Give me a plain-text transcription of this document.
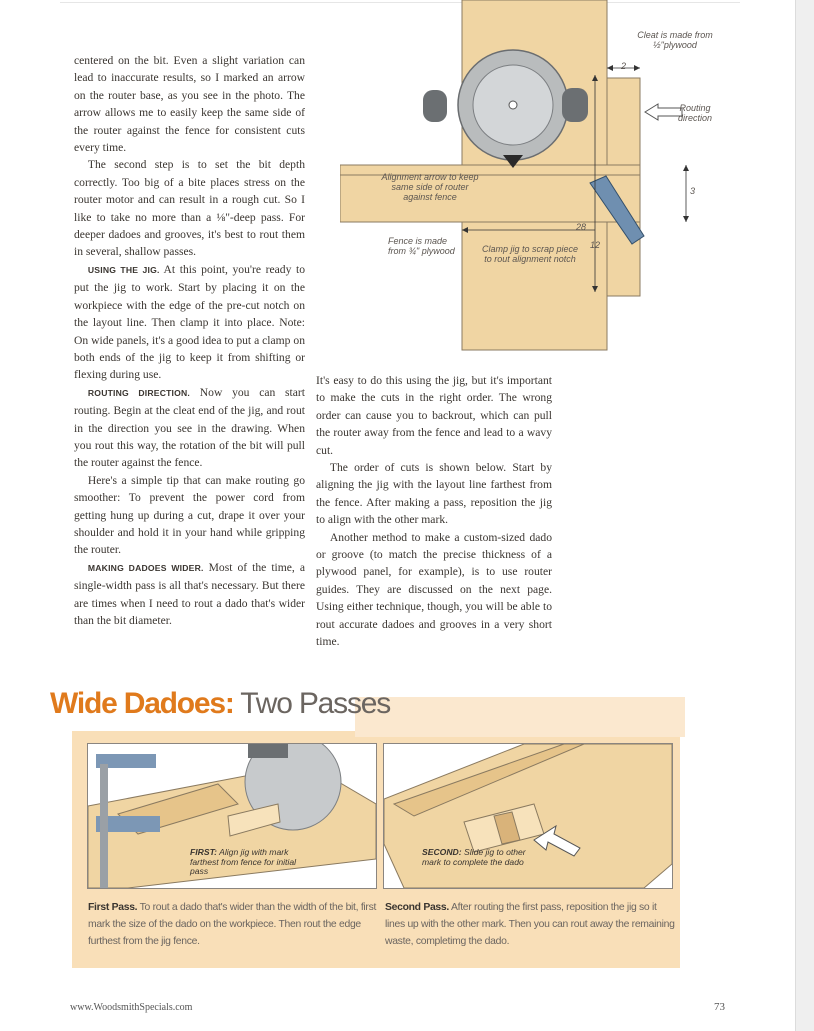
centered on the bit. Even a slight variation can lead to inaccurate results, so I marked an arrow on the router base, as you see in the photo. The arrow allows me to easily keep the same side of the router against the fence for consistent cuts every time.

The second step is to set the bit depth correctly. Too big of a bite places stress on the router motor and can result in a rough cut. So I like to take no more than a ⅛"-deep pass. For deeper dadoes and grooves, it's best to rout them in several, shallow passes.

USING THE JIG. At this point, you're ready to put the jig to work. Start by placing it on the workpiece with the edge of the pre-cut notch on the layout line. Then clamp it into place. Note: On wide panels, it's a good idea to put a clamp on both ends of the jig to keep it from shifting or flexing during use.

ROUTING DIRECTION. Now you can start routing. Begin at the cleat end of the jig, and rout in the direction you see in the drawing. When you rout this way, the rotation of the bit will pull the router against the fence.

Here's a simple tip that can make routing go smoother: To prevent the power cord from getting hung up during a cut, drape it over your shoulder and hold it in your hand while gripping the router.

MAKING DADOES WIDER. Most of the time, a single-width pass is all that's necessary. But there are times when I need to rout a dado that's wider than the bit diameter.

Cleat is made from ½"plywood
Routing direction
Alignment arrow to keep same side of router against fence
Fence is made from ¾" plywood	Clamp jig to scrap piece to rout alignment notch
2
3
28
12

It's easy to do this using the jig, but it's important to make the cuts in the right order. The wrong order can cause you to backrout, which can pull the router away from the fence and lead to a wavy cut.

The order of cuts is shown below. Start by aligning the jig with the layout line farthest from the fence. After making a pass, reposition the jig to align with the other mark.

Another method to make a custom-sized dado or groove (to match the precise thickness of a plywood panel, for example), is to use router guides. They are discussed on the next page. Using either technique, though, you will be able to rout accurate dadoes and grooves in a very short time.

Wide Dadoes: Two Passes
FIRST: Align jig with mark farthest from fence for initial pass
SECOND: Slide jig to other mark to complete the dado
First Pass. To rout a dado that's wider than the width of the bit, first mark the size of the dado on the workpiece. Then rout the edge furthest from the jig fence.
Second Pass. After routing the first pass, reposition the jig so it lines up with the other mark. Then you can rout away the remaining waste, completimg the dado.
www.WoodsmithSpecials.com	73
